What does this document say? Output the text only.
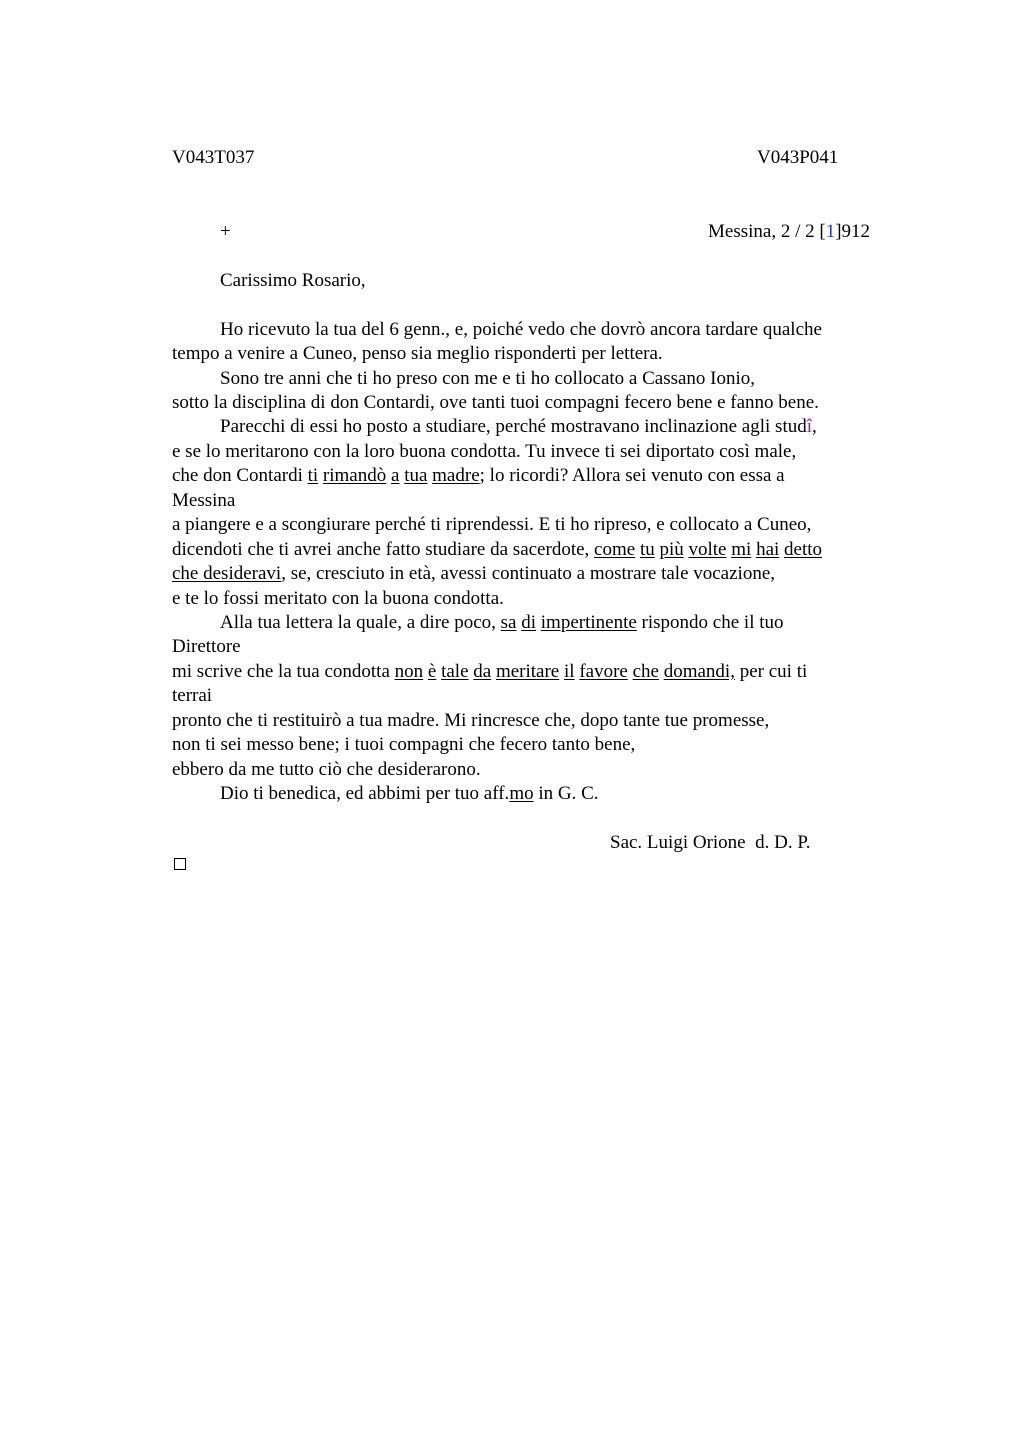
V043T037	V043P041
+	Messina, 2 / 2 [1]912
Carissimo Rosario,
Ho ricevuto la tua del 6 genn., e, poiché vedo che dovrò ancora tardare qualche
tempo a venire a Cuneo, penso sia meglio risponderti per lettera.
Sono tre anni che ti ho preso con me e ti ho collocato a Cassano Ionio,
sotto la disciplina di don Contardi, ove tanti tuoi compagni fecero bene e fanno bene.
Parecchi di essi ho posto a studiare, perché mostravano inclinazione agli studî,
e se lo meritarono con la loro buona condotta. Tu invece ti sei diportato così male,
che don Contardi ti rimandò a tua madre; lo ricordi? Allora sei venuto con essa a
Messina
a piangere e a scongiurare perché ti riprendessi. E ti ho ripreso, e collocato a Cuneo,
dicendoti che ti avrei anche fatto studiare da sacerdote, come tu più volte mi hai detto
che desideravi, se, cresciuto in età, avessi continuato a mostrare tale vocazione,
e te lo fossi meritato con la buona condotta.
Alla tua lettera la quale, a dire poco, sa di impertinente rispondo che il tuo
Direttore
mi scrive che la tua condotta non è tale da meritare il favore che domandi, per cui ti
terrai
pronto che ti restituirò a tua madre. Mi rincresce che, dopo tante tue promesse,
non ti sei messo bene; i tuoi compagni che fecero tanto bene,
ebbero da me tutto ciò che desiderarono.
Dio ti benedica, ed abbimi per tuo aff.mo in G. C.
Sac. Luigi Orione  d. D. P.
